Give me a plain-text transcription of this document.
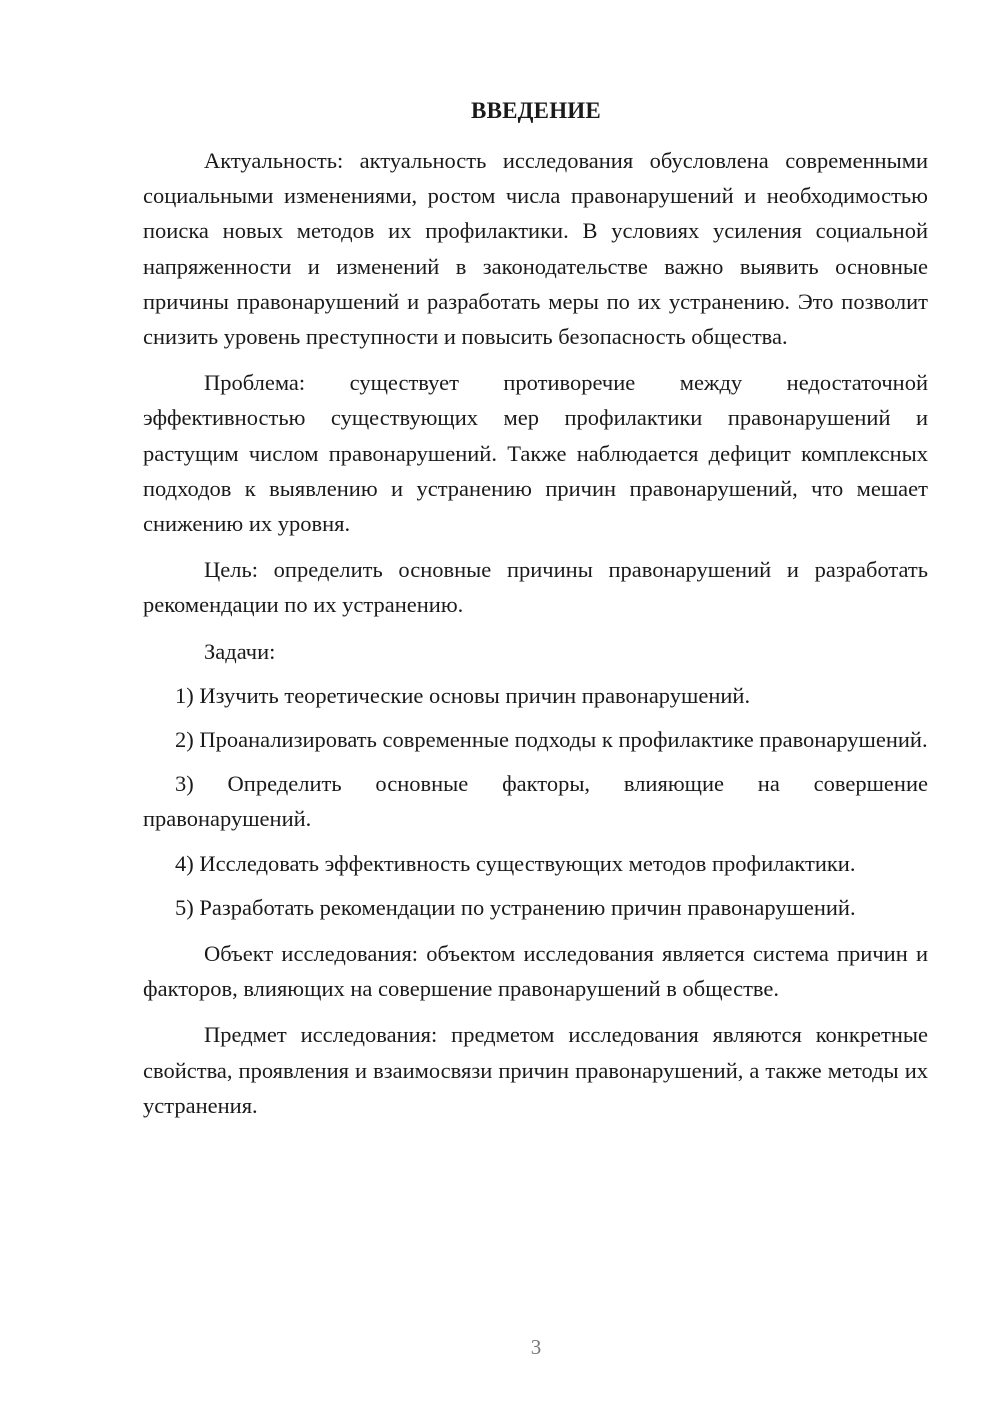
ВВЕДЕНИЕ

Актуальность: актуальность исследования обусловлена современными социальными изменениями, ростом числа правонарушений и необходимостью поиска новых методов их профилактики. В условиях усиления социальной напряженности и изменений в законодательстве важно выявить основные причины правонарушений и разработать меры по их устранению. Это позволит снизить уровень преступности и повысить безопасность общества.

Проблема: существует противоречие между недостаточной эффективностью существующих мер профилактики правонарушений и растущим числом правонарушений. Также наблюдается дефицит комплексных подходов к выявлению и устранению причин правонарушений, что мешает снижению их уровня.

Цель: определить основные причины правонарушений и разработать рекомендации по их устранению.

Задачи:

1) Изучить теоретические основы причин правонарушений.

2) Проанализировать современные подходы к профилактике правонарушений.

3) Определить основные факторы, влияющие на совершение правонарушений.

4) Исследовать эффективность существующих методов профилактики.

5) Разработать рекомендации по устранению причин правонарушений.

Объект исследования: объектом исследования является система причин и факторов, влияющих на совершение правонарушений в обществе.

Предмет исследования: предметом исследования являются конкретные свойства, проявления и взаимосвязи причин правонарушений, а также методы их устранения.

3
